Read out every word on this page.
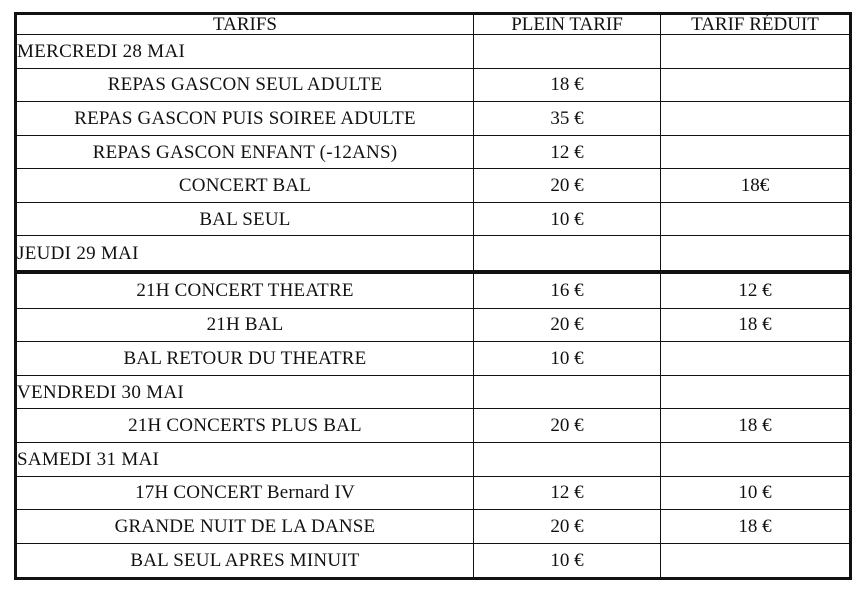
TARIFS	PLEIN TARIF	TARIF RÉDUIT
MERCREDI 28 MAI		
REPAS GASCON SEUL ADULTE	18 €	
REPAS GASCON PUIS SOIREE ADULTE	35 €	
REPAS GASCON ENFANT (-12ANS)	12 €	
CONCERT BAL	20 €	18€
BAL SEUL	10 €	
JEUDI 29 MAI		
21H CONCERT THEATRE	16 €	12 €
21H BAL	20 €	18 €
BAL RETOUR DU THEATRE	10 €	
VENDREDI 30 MAI		
21H CONCERTS PLUS BAL	20 €	18 €
SAMEDI 31 MAI		
17H CONCERT Bernard IV	12 €	10 €
GRANDE NUIT DE LA DANSE	20 €	18 €
BAL SEUL APRES MINUIT	10 €	
